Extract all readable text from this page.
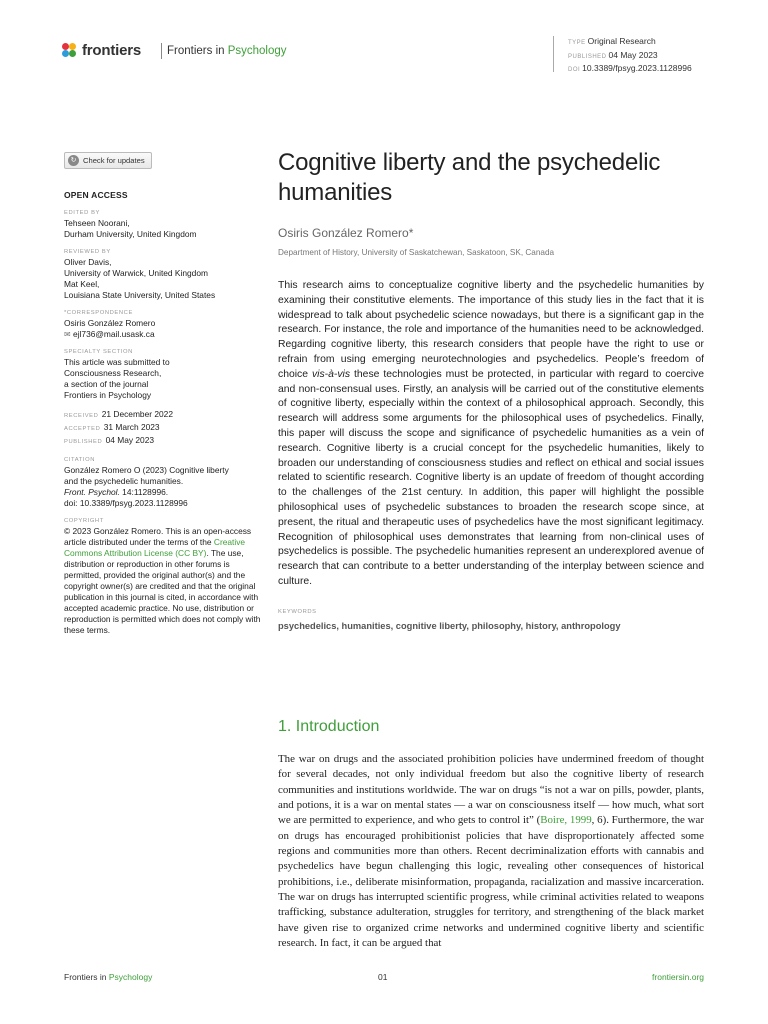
frontiers Frontiers in Psychology
TYPE Original Research
PUBLISHED 04 May 2023
DOI 10.3389/fpsyg.2023.1128996
↻ Check for updates
OPEN ACCESS
EDITED BY
Tehseen Noorani,
Durham University, United Kingdom
REVIEWED BY
Oliver Davis,
University of Warwick, United Kingdom
Mat Keel,
Louisiana State University, United States
*CORRESPONDENCE
Osiris González Romero
✉ ejl736@mail.usask.ca
SPECIALTY SECTION
This article was submitted to
Consciousness Research,
a section of the journal
Frontiers in Psychology
RECEIVED 21 December 2022
ACCEPTED 31 March 2023
PUBLISHED 04 May 2023
CITATION
González Romero O (2023) Cognitive liberty
and the psychedelic humanities.
Front. Psychol. 14:1128996.
doi: 10.3389/fpsyg.2023.1128996
COPYRIGHT
© 2023 González Romero. This is an open-access article distributed under the terms of the Creative Commons Attribution License (CC BY). The use, distribution or reproduction in other forums is permitted, provided the original author(s) and the copyright owner(s) are credited and that the original publication in this journal is cited, in accordance with accepted academic practice. No use, distribution or reproduction is permitted which does not comply with these terms.
Cognitive liberty and the psychedelic humanities
Osiris González Romero*
Department of History, University of Saskatchewan, Saskatoon, SK, Canada
This research aims to conceptualize cognitive liberty and the psychedelic humanities by examining their constitutive elements. The importance of this study lies in the fact that it is widespread to talk about psychedelic science nowadays, but there is a significant gap in the research. For instance, the role and importance of the humanities need to be acknowledged. Regarding cognitive liberty, this research considers that people have the right to use or refrain from using emerging neurotechnologies and psychedelics. People’s freedom of choice vis-à-vis these technologies must be protected, in particular with regard to coercive and non-consensual uses. Firstly, an analysis will be carried out of the constitutive elements of cognitive liberty, especially within the context of a philosophical approach. Secondly, this research will address some arguments for the philosophical uses of psychedelics. Finally, this paper will discuss the scope and significance of psychedelic humanities as a vein of research. Cognitive liberty is a crucial concept for the psychedelic humanities, likely to broaden our understanding of consciousness studies and reflect on ethical and social issues related to scientific research. Cognitive liberty is an update of freedom of thought according to the challenges of the 21st century. In addition, this paper will highlight the possible philosophical uses of psychedelic substances to broaden the research scope since, at present, the ritual and therapeutic uses of psychedelics have the most significant legitimacy. Recognition of philosophical uses demonstrates that learning from non-clinical uses of psychedelics is possible. The psychedelic humanities represent an underexplored avenue of research that can contribute to a better understanding of the interplay between science and culture.
KEYWORDS
psychedelics, humanities, cognitive liberty, philosophy, history, anthropology
1. Introduction
The war on drugs and the associated prohibition policies have undermined freedom of thought for several decades, not only individual freedom but also the cognitive liberty of research communities and institutions worldwide. The war on drugs “is not a war on pills, powder, plants, and potions, it is a war on mental states — a war on consciousness itself — how much, what sort we are permitted to experience, and who gets to control it” (Boire, 1999, 6). Furthermore, the war on drugs has encouraged prohibitionist policies that have disproportionately affected some regions and communities more than others. Recent decriminalization efforts with cannabis and psychedelics have begun challenging this logic, revealing other consequences of historical prohibitions, i.e., deliberate misinformation, propaganda, racialization and massive incarceration. The war on drugs has interrupted scientific progress, while criminal activities related to weapons trafficking, substance adulteration, struggles for territory, and strengthening of the black market have given rise to organized crime networks and undermined cognitive liberty and scientific research. In fact, it can be argued that
Frontiers in Psychology	01	frontiersin.org
